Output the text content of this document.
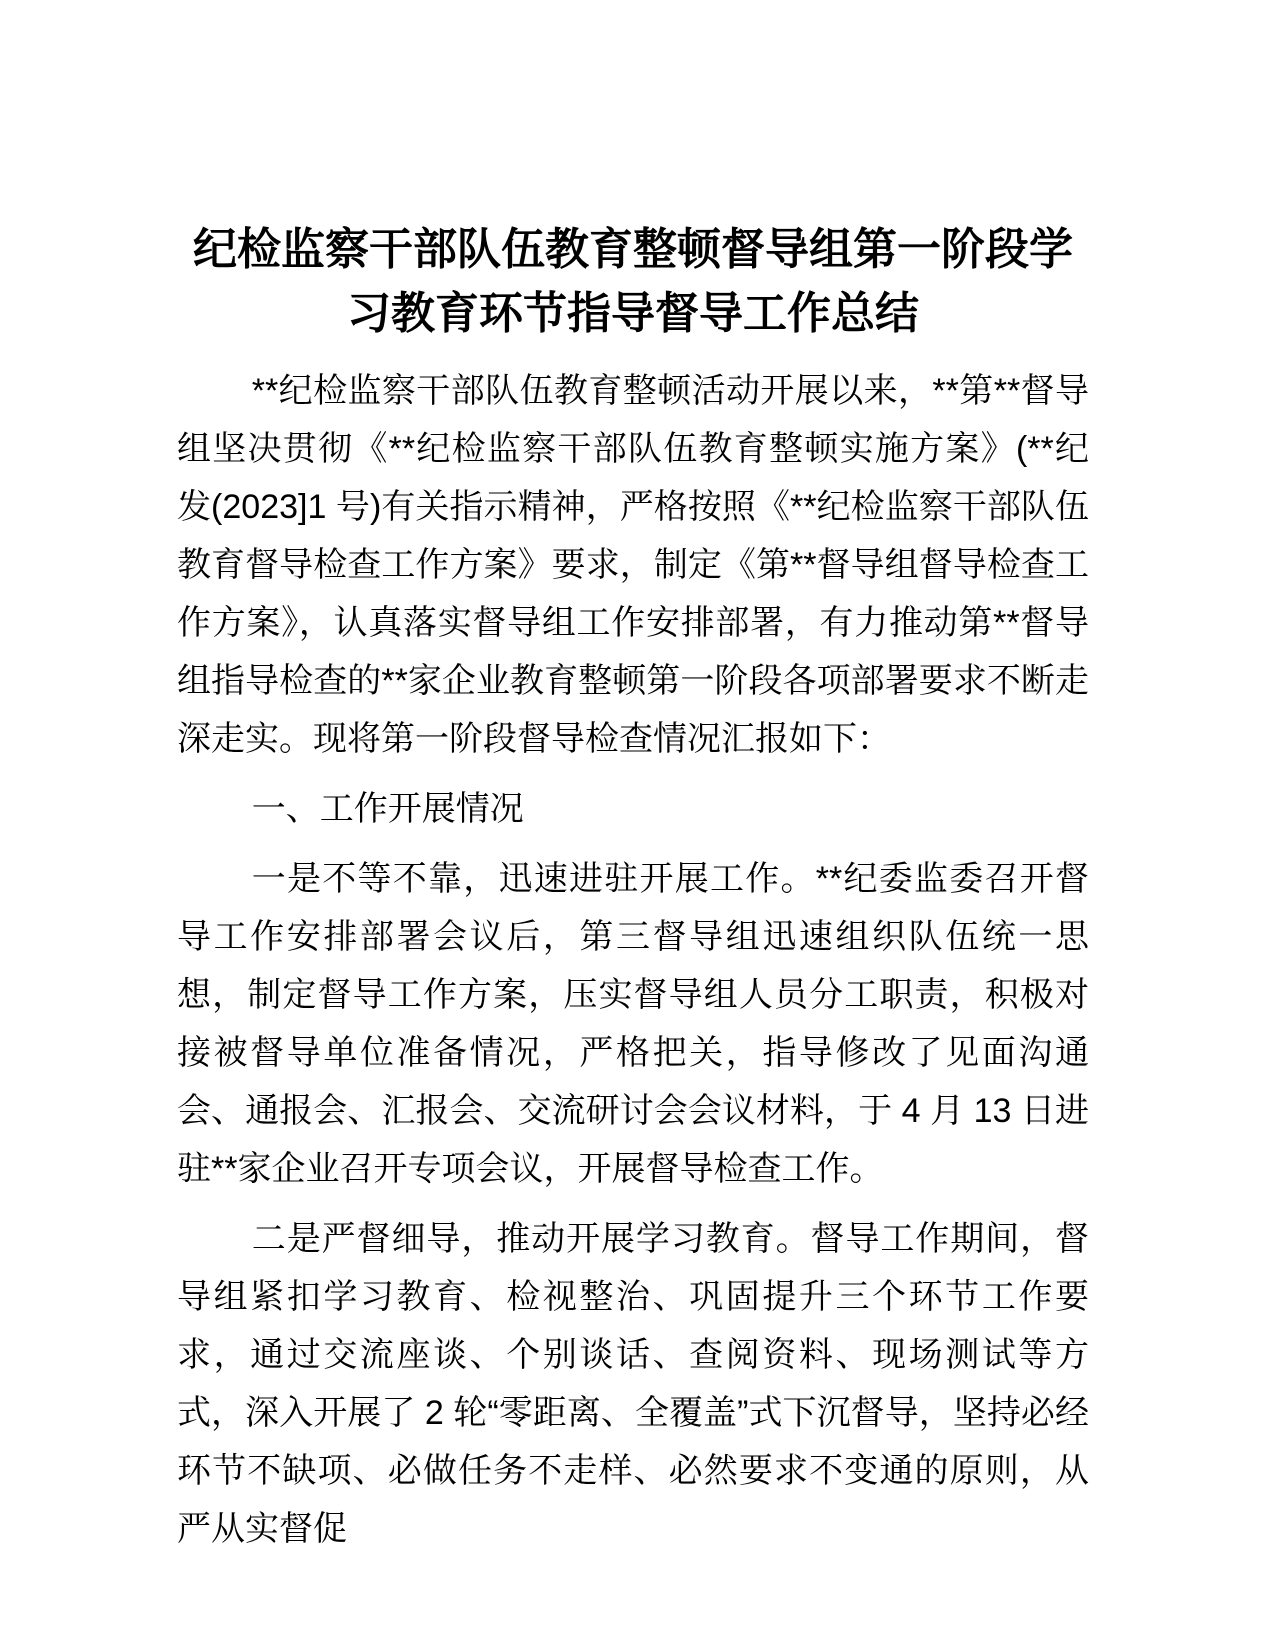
纪检监察干部队伍教育整顿督导组第一阶段学习教育环节指导督导工作总结

**纪检监察干部队伍教育整顿活动开展以来，**第**督导组坚决贯彻《**纪检监察干部队伍教育整顿实施方案》(**纪发(2023]1 号)有关指示精神，严格按照《**纪检监察干部队伍教育督导检查工作方案》要求，制定《第**督导组督导检查工作方案》，认真落实督导组工作安排部署，有力推动第**督导组指导检查的**家企业教育整顿第一阶段各项部署要求不断走深走实。现将第一阶段督导检查情况汇报如下：

一、工作开展情况

一是不等不靠，迅速进驻开展工作。**纪委监委召开督导工作安排部署会议后，第三督导组迅速组织队伍统一思想，制定督导工作方案，压实督导组人员分工职责，积极对接被督导单位准备情况，严格把关，指导修改了见面沟通会、通报会、汇报会、交流研讨会会议材料，于 4 月 13 日进驻**家企业召开专项会议，开展督导检查工作。

二是严督细导，推动开展学习教育。督导工作期间，督导组紧扣学习教育、检视整治、巩固提升三个环节工作要求，通过交流座谈、个别谈话、查阅资料、现场测试等方式，深入开展了 2 轮“零距离、全覆盖”式下沉督导，坚持必经环节不缺项、必做任务不走样、必然要求不变通的原则，从严从实督促
